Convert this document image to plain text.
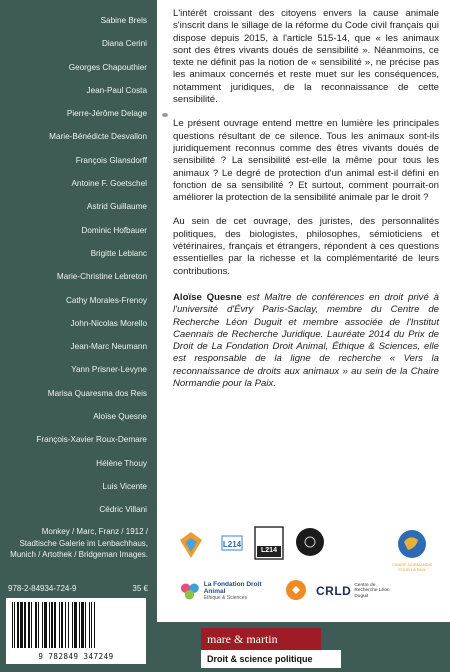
Sabine Brels
Diana Cerini
Georges Chapouthier
Jean-Paul Costa
Pierre-Jérôme Delage
Marie-Bénédicte Desvallon
François Glansdorff
Antoine F. Goetschel
Astrid Guillaume
Dominic Hofbauer
Brigitte Leblanc
Marie-Christine Lebreton
Cathy Morales-Frenoy
John-Nicolas Morello
Jean-Marc Neumann
Yann Prisner-Levyne
Marisa Quaresma dos Reis
Aloïse Quesne
François-Xavier Roux-Demare
Hélène Thouy
Luis Vicente
Cédric Villani
Monkey / Marc, Franz / 1912 / Stadtische Galerie im Lenbachhaus, Munich / Artothek / Bridgeman Images.
978-2-84934-724-9	35 €
9 782849 347249

L'intérêt croissant des citoyens envers la cause animale s'inscrit dans le sillage de la réforme du Code civil français qui dispose depuis 2015, à l'article 515-14, que « les animaux sont des êtres vivants doués de sensibilité ». Néanmoins, ce texte ne définit pas la notion de « sensibilité », ne précise pas les animaux concernés et reste muet sur les conséquences, notamment juridiques, de la reconnaissance de cette sensibilité.

Le présent ouvrage entend mettre en lumière les principales questions résultant de ce silence. Tous les animaux sont-ils juridiquement reconnus comme des êtres vivants doués de sensibilité ? La sensibilité est-elle la même pour tous les animaux ? Le degré de protection d'un animal est-il défini en fonction de sa sensibilité ? Et surtout, comment pourrait-on améliorer la protection de la sensibilité animale par le droit ?

Au sein de cet ouvrage, des juristes, des personnalités politiques, des biologistes, philosophes, sémioticiens et vétérinaires, français et étrangers, répondent à ces questions essentielles par la richesse et la complémentarité de leurs contributions.

Aloïse Quesne est Maître de conférences en droit privé à l'université d'Évry Paris-Saclay, membre du Centre de Recherche Léon Duguit et membre associée de l'Institut Caennais de Recherche Juridique. Lauréate 2014 du Prix de Droit de La Fondation Droit Animal, Éthique & Sciences, elle est responsable de la ligne de recherche « Vers la reconnaissance de droits aux animaux » au sein de la Chaire Normandie pour la Paix.

L214
L214
CHAIRE NORMANDIE POUR LA PAIX
La Fondation Droit Animal
Éthique & Sciences	CRLD Centre de Recherche Léon Duguit
mare & martin
Droit & science politique
